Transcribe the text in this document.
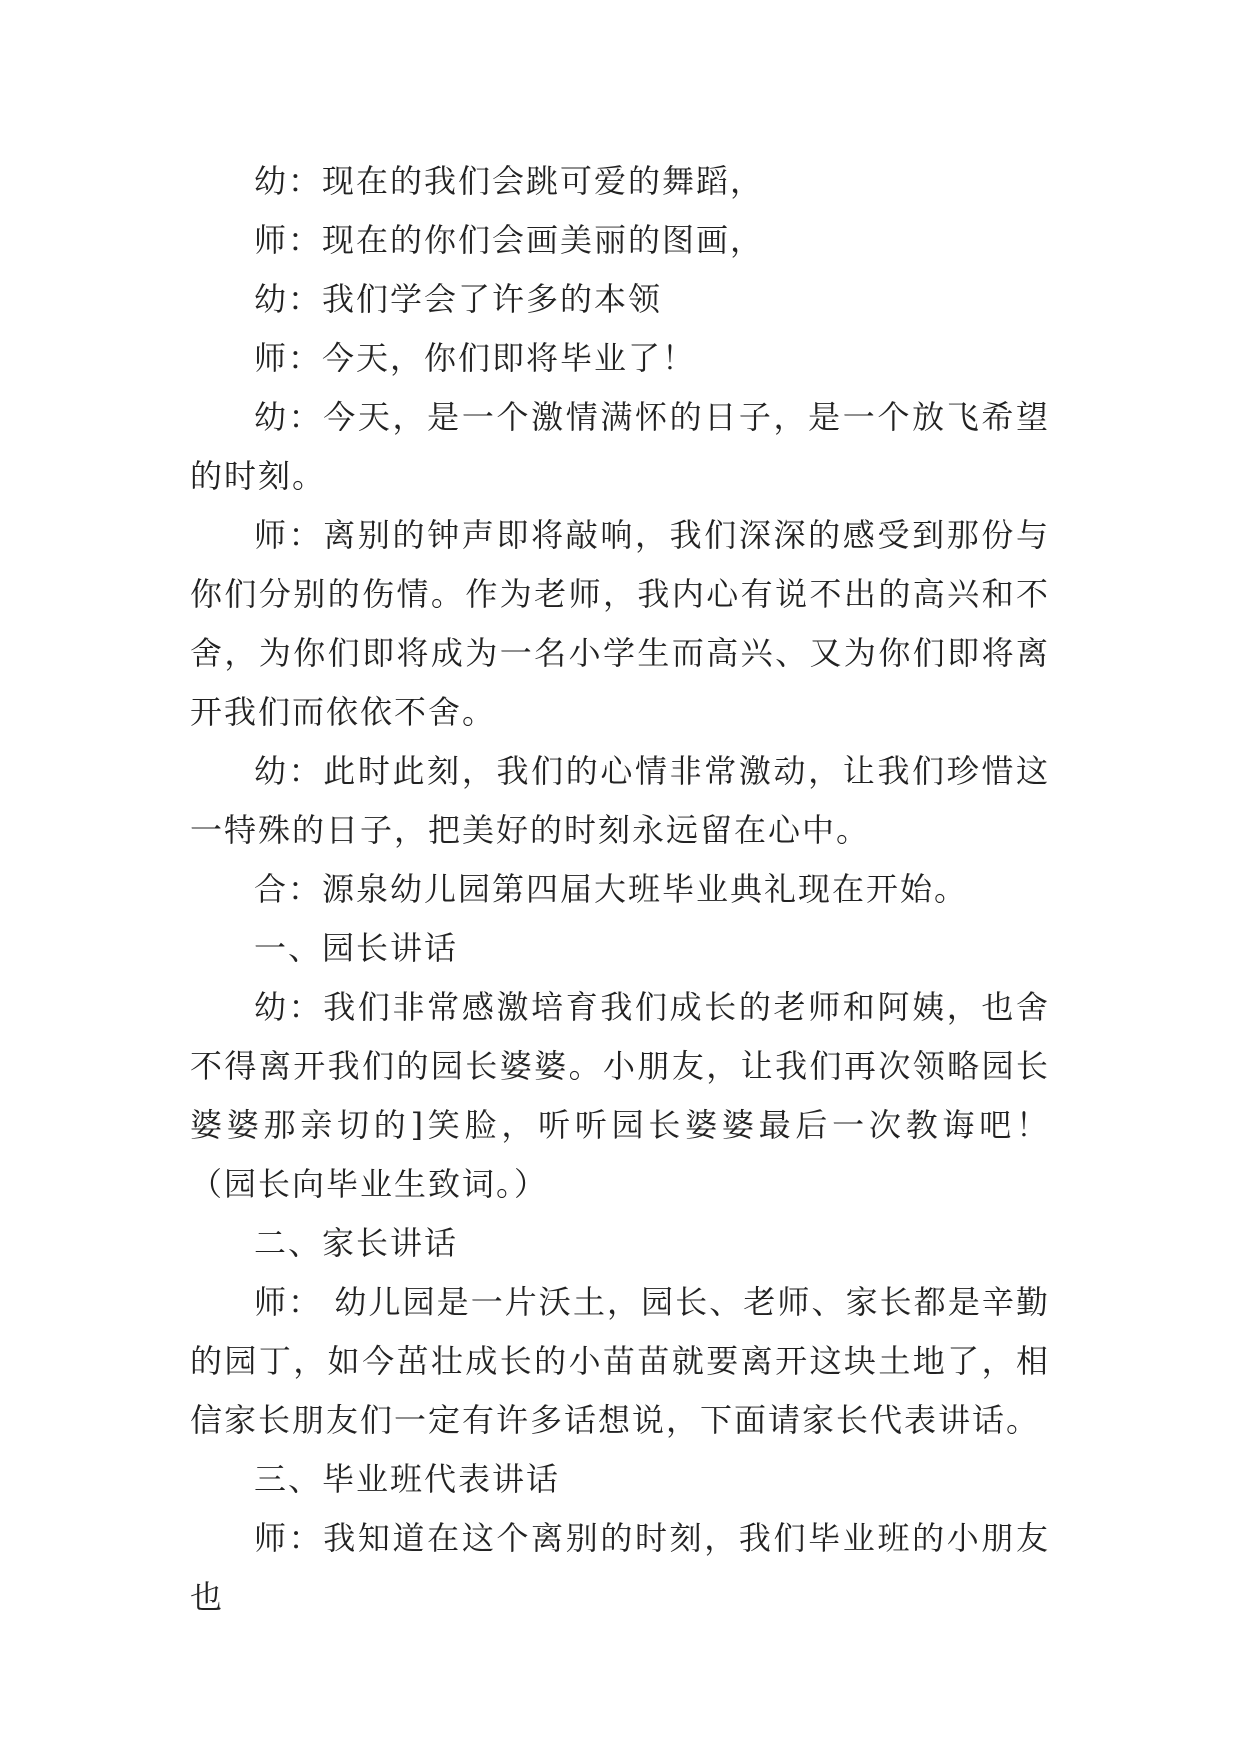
幼：现在的我们会跳可爱的舞蹈，

师：现在的你们会画美丽的图画，

幼：我们学会了许多的本领

师：今天，你们即将毕业了！

幼：今天，是一个激情满怀的日子，是一个放飞希望的时刻。

师：离别的钟声即将敲响，我们深深的感受到那份与你们分别的伤情。作为老师，我内心有说不出的高兴和不舍，为你们即将成为一名小学生而高兴、又为你们即将离开我们而依依不舍。

幼：此时此刻，我们的心情非常激动，让我们珍惜这一特殊的日子，把美好的时刻永远留在心中。

合：源泉幼儿园第四届大班毕业典礼现在开始。

一、园长讲话

幼：我们非常感激培育我们成长的老师和阿姨，也舍不得离开我们的园长婆婆。小朋友，让我们再次领略园长婆婆那亲切的]笑脸，听听园长婆婆最后一次教诲吧！（园长向毕业生致词。）

二、家长讲话

师： 幼儿园是一片沃土，园长、老师、家长都是辛勤的园丁，如今茁壮成长的小苗苗就要离开这块土地了，相信家长朋友们一定有许多话想说，下面请家长代表讲话。

三、毕业班代表讲话

师：我知道在这个离别的时刻，我们毕业班的小朋友也
